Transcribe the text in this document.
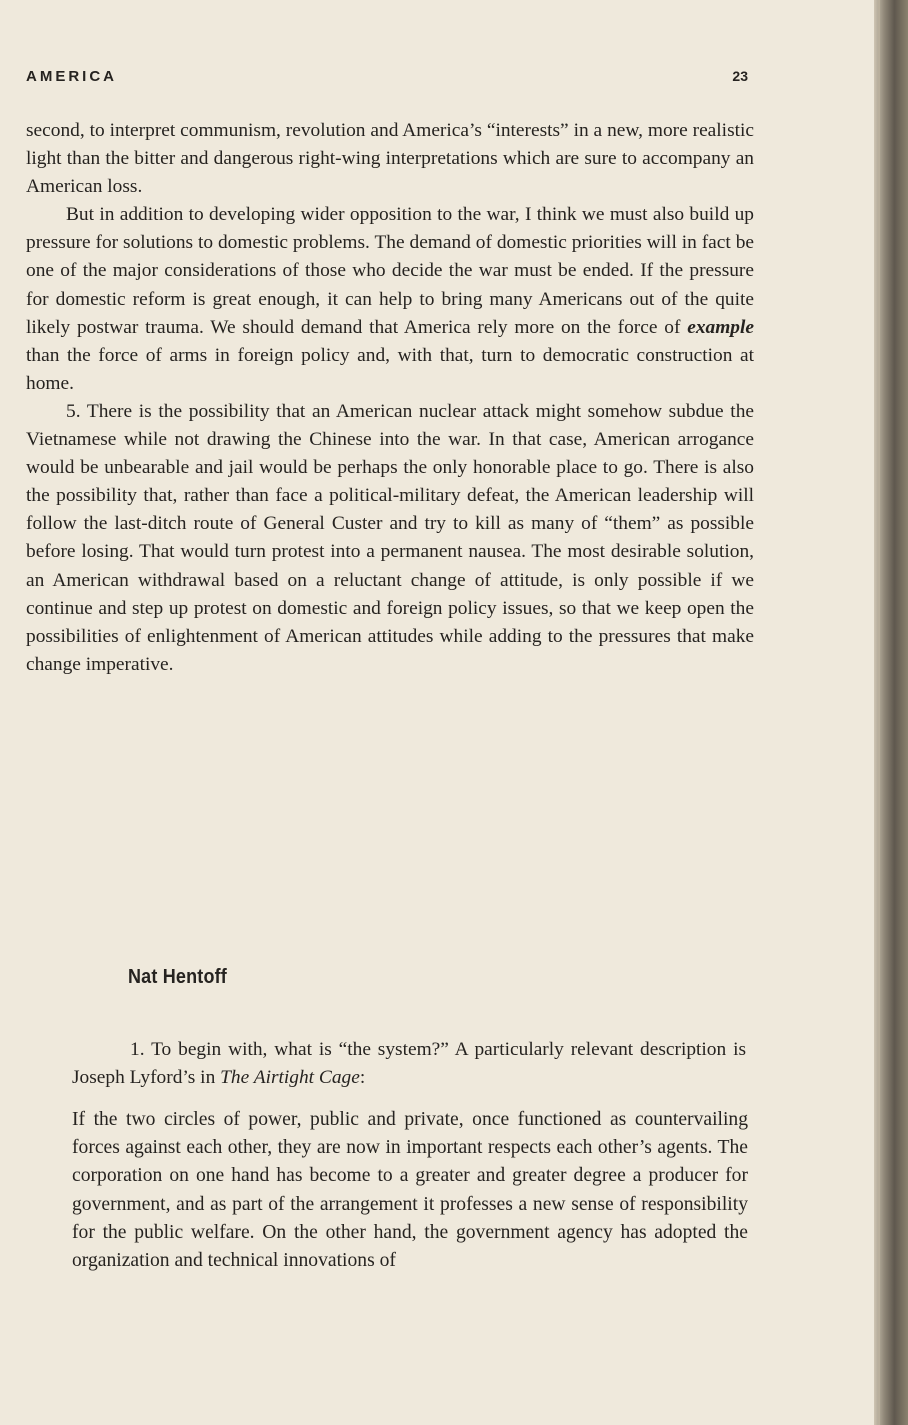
AMERICA	23

second, to interpret communism, revolution and America’s “interests” in a new, more realistic light than the bitter and dangerous right-wing interpretations which are sure to accompany an American loss.

But in addition to developing wider opposition to the war, I think we must also build up pressure for solutions to domestic problems. The demand of domestic priorities will in fact be one of the major considerations of those who decide the war must be ended. If the pressure for domestic reform is great enough, it can help to bring many Americans out of the quite likely postwar trauma. We should demand that America rely more on the force of example than the force of arms in foreign policy and, with that, turn to democratic construction at home.

5. There is the possibility that an American nuclear attack might somehow subdue the Vietnamese while not drawing the Chinese into the war. In that case, American arrogance would be unbearable and jail would be perhaps the only honorable place to go. There is also the possibility that, rather than face a political-military defeat, the American leadership will follow the last-ditch route of General Custer and try to kill as many of “them” as possible before losing. That would turn protest into a permanent nausea. The most desirable solution, an American withdrawal based on a reluctant change of attitude, is only possible if we continue and step up protest on domestic and foreign policy issues, so that we keep open the possibilities of enlightenment of American attitudes while adding to the pressures that make change imperative.

Nat Hentoff

1. To begin with, what is “the system?” A particularly relevant description is Joseph Lyford’s in The Airtight Cage:

If the two circles of power, public and private, once functioned as countervailing forces against each other, they are now in important respects each other’s agents. The corporation on one hand has become to a greater and greater degree a producer for government, and as part of the arrangement it professes a new sense of responsibility for the public welfare. On the other hand, the government agency has adopted the organization and technical innovations of
